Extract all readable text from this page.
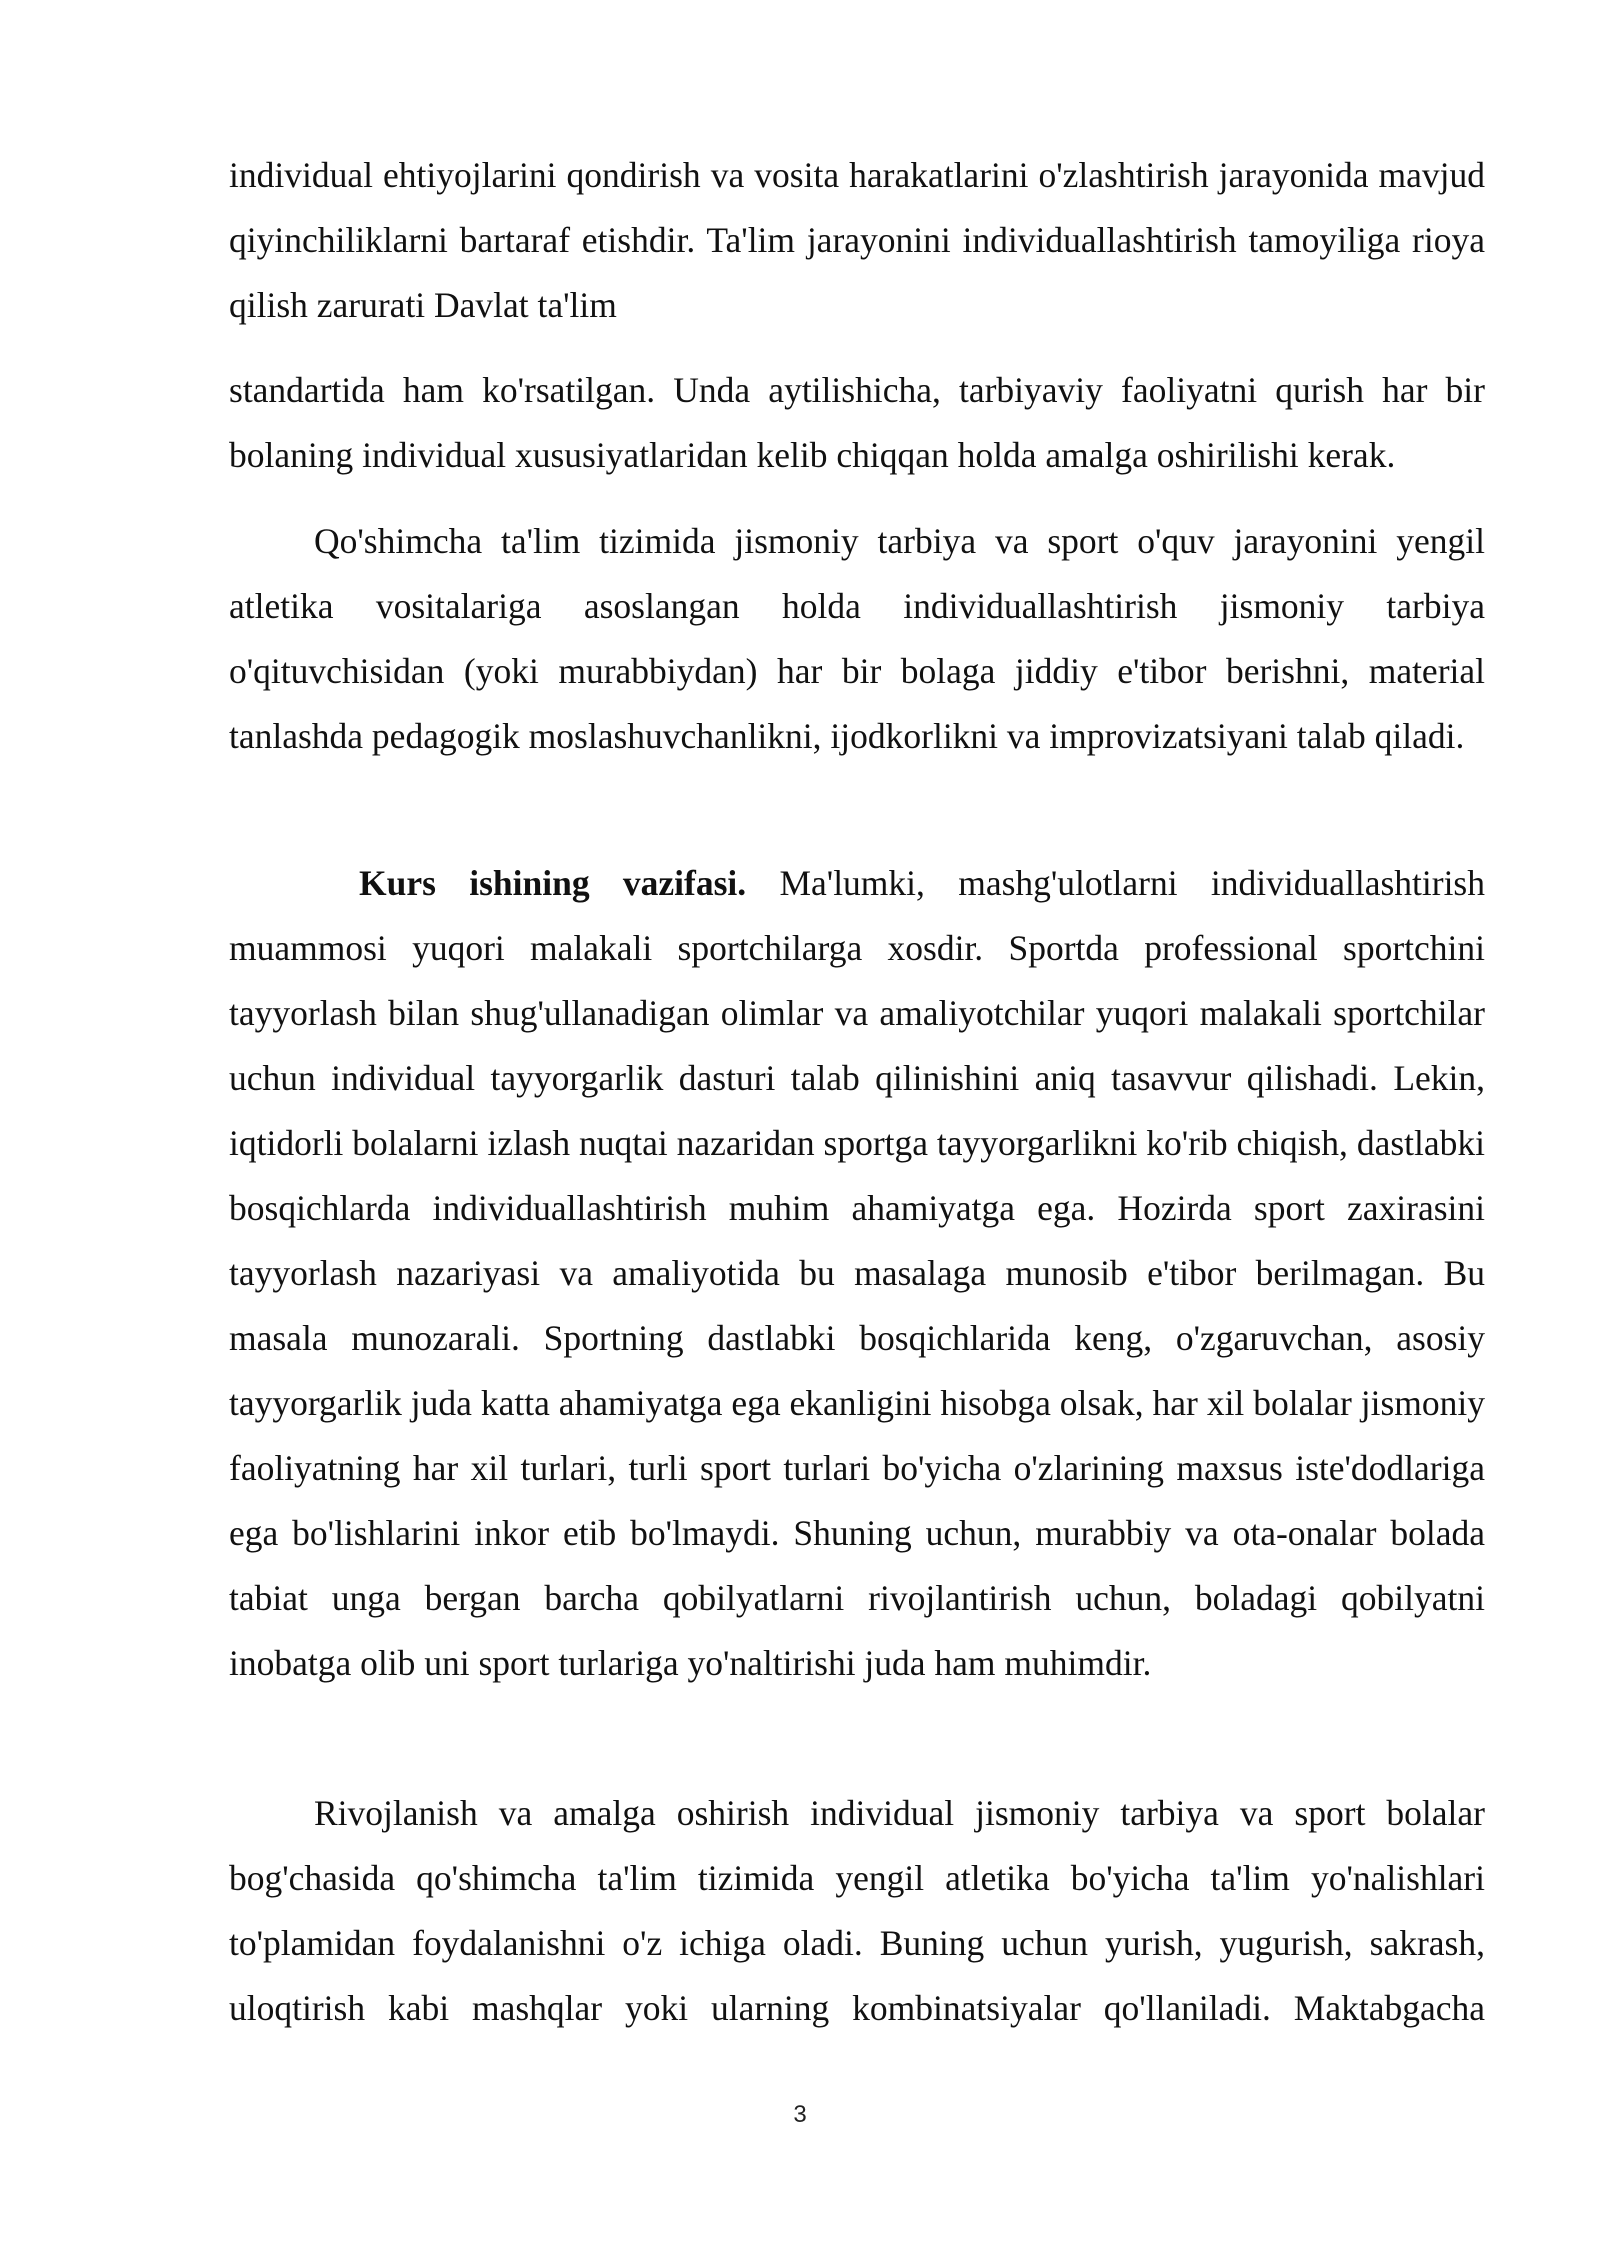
individual ehtiyojlarini qondirish va vosita harakatlarini o'zlashtirish jarayonida mavjud qiyinchiliklarni bartaraf etishdir. Ta'lim jarayonini individuallashtirish tamoyiliga rioya qilish zarurati Davlat ta'lim

standartida ham ko'rsatilgan. Unda aytilishicha, tarbiyaviy faoliyatni qurish har bir bolaning individual xususiyatlaridan kelib chiqqan holda amalga oshirilishi kerak.

Qo'shimcha ta'lim tizimida jismoniy tarbiya va sport o'quv jarayonini yengil atletika vositalariga asoslangan holda individuallashtirish jismoniy tarbiya o'qituvchisidan (yoki murabbiydan) har bir bolaga jiddiy e'tibor berishni, material tanlashda pedagogik moslashuvchanlikni, ijodkorlikni va improvizatsiyani talab qiladi.

Kurs ishining vazifasi. Ma'lumki, mashg'ulotlarni individuallashtirish muammosi yuqori malakali sportchilarga xosdir. Sportda professional sportchini tayyorlash bilan shug'ullanadigan olimlar va amaliyotchilar yuqori malakali sportchilar uchun individual tayyorgarlik dasturi talab qilinishini aniq tasavvur qilishadi. Lekin, iqtidorli bolalarni izlash nuqtai nazaridan sportga tayyorgarlikni ko'rib chiqish, dastlabki bosqichlarda individuallashtirish muhim ahamiyatga ega. Hozirda sport zaxirasini tayyorlash nazariyasi va amaliyotida bu masalaga munosib e'tibor berilmagan. Bu masala munozarali. Sportning dastlabki bosqichlarida keng, o'zgaruvchan, asosiy tayyorgarlik juda katta ahamiyatga ega ekanligini hisobga olsak, har xil bolalar jismoniy faoliyatning har xil turlari, turli sport turlari bo'yicha o'zlarining maxsus iste'dodlariga ega bo'lishlarini inkor etib bo'lmaydi. Shuning uchun, murabbiy va ota-onalar bolada tabiat unga bergan barcha qobilyatlarni rivojlantirish uchun, boladagi qobilyatni inobatga olib uni sport turlariga yo'naltirishi juda ham muhimdir.

Rivojlanish va amalga oshirish individual jismoniy tarbiya va sport bolalar bog'chasida qo'shimcha ta'lim tizimida yengil atletika bo'yicha ta'lim yo'nalishlari to'plamidan foydalanishni o'z ichiga oladi. Buning uchun yurish, yugurish, sakrash, uloqtirish kabi mashqlar yoki ularning kombinatsiyalar qo'llaniladi. Maktabgacha

3
